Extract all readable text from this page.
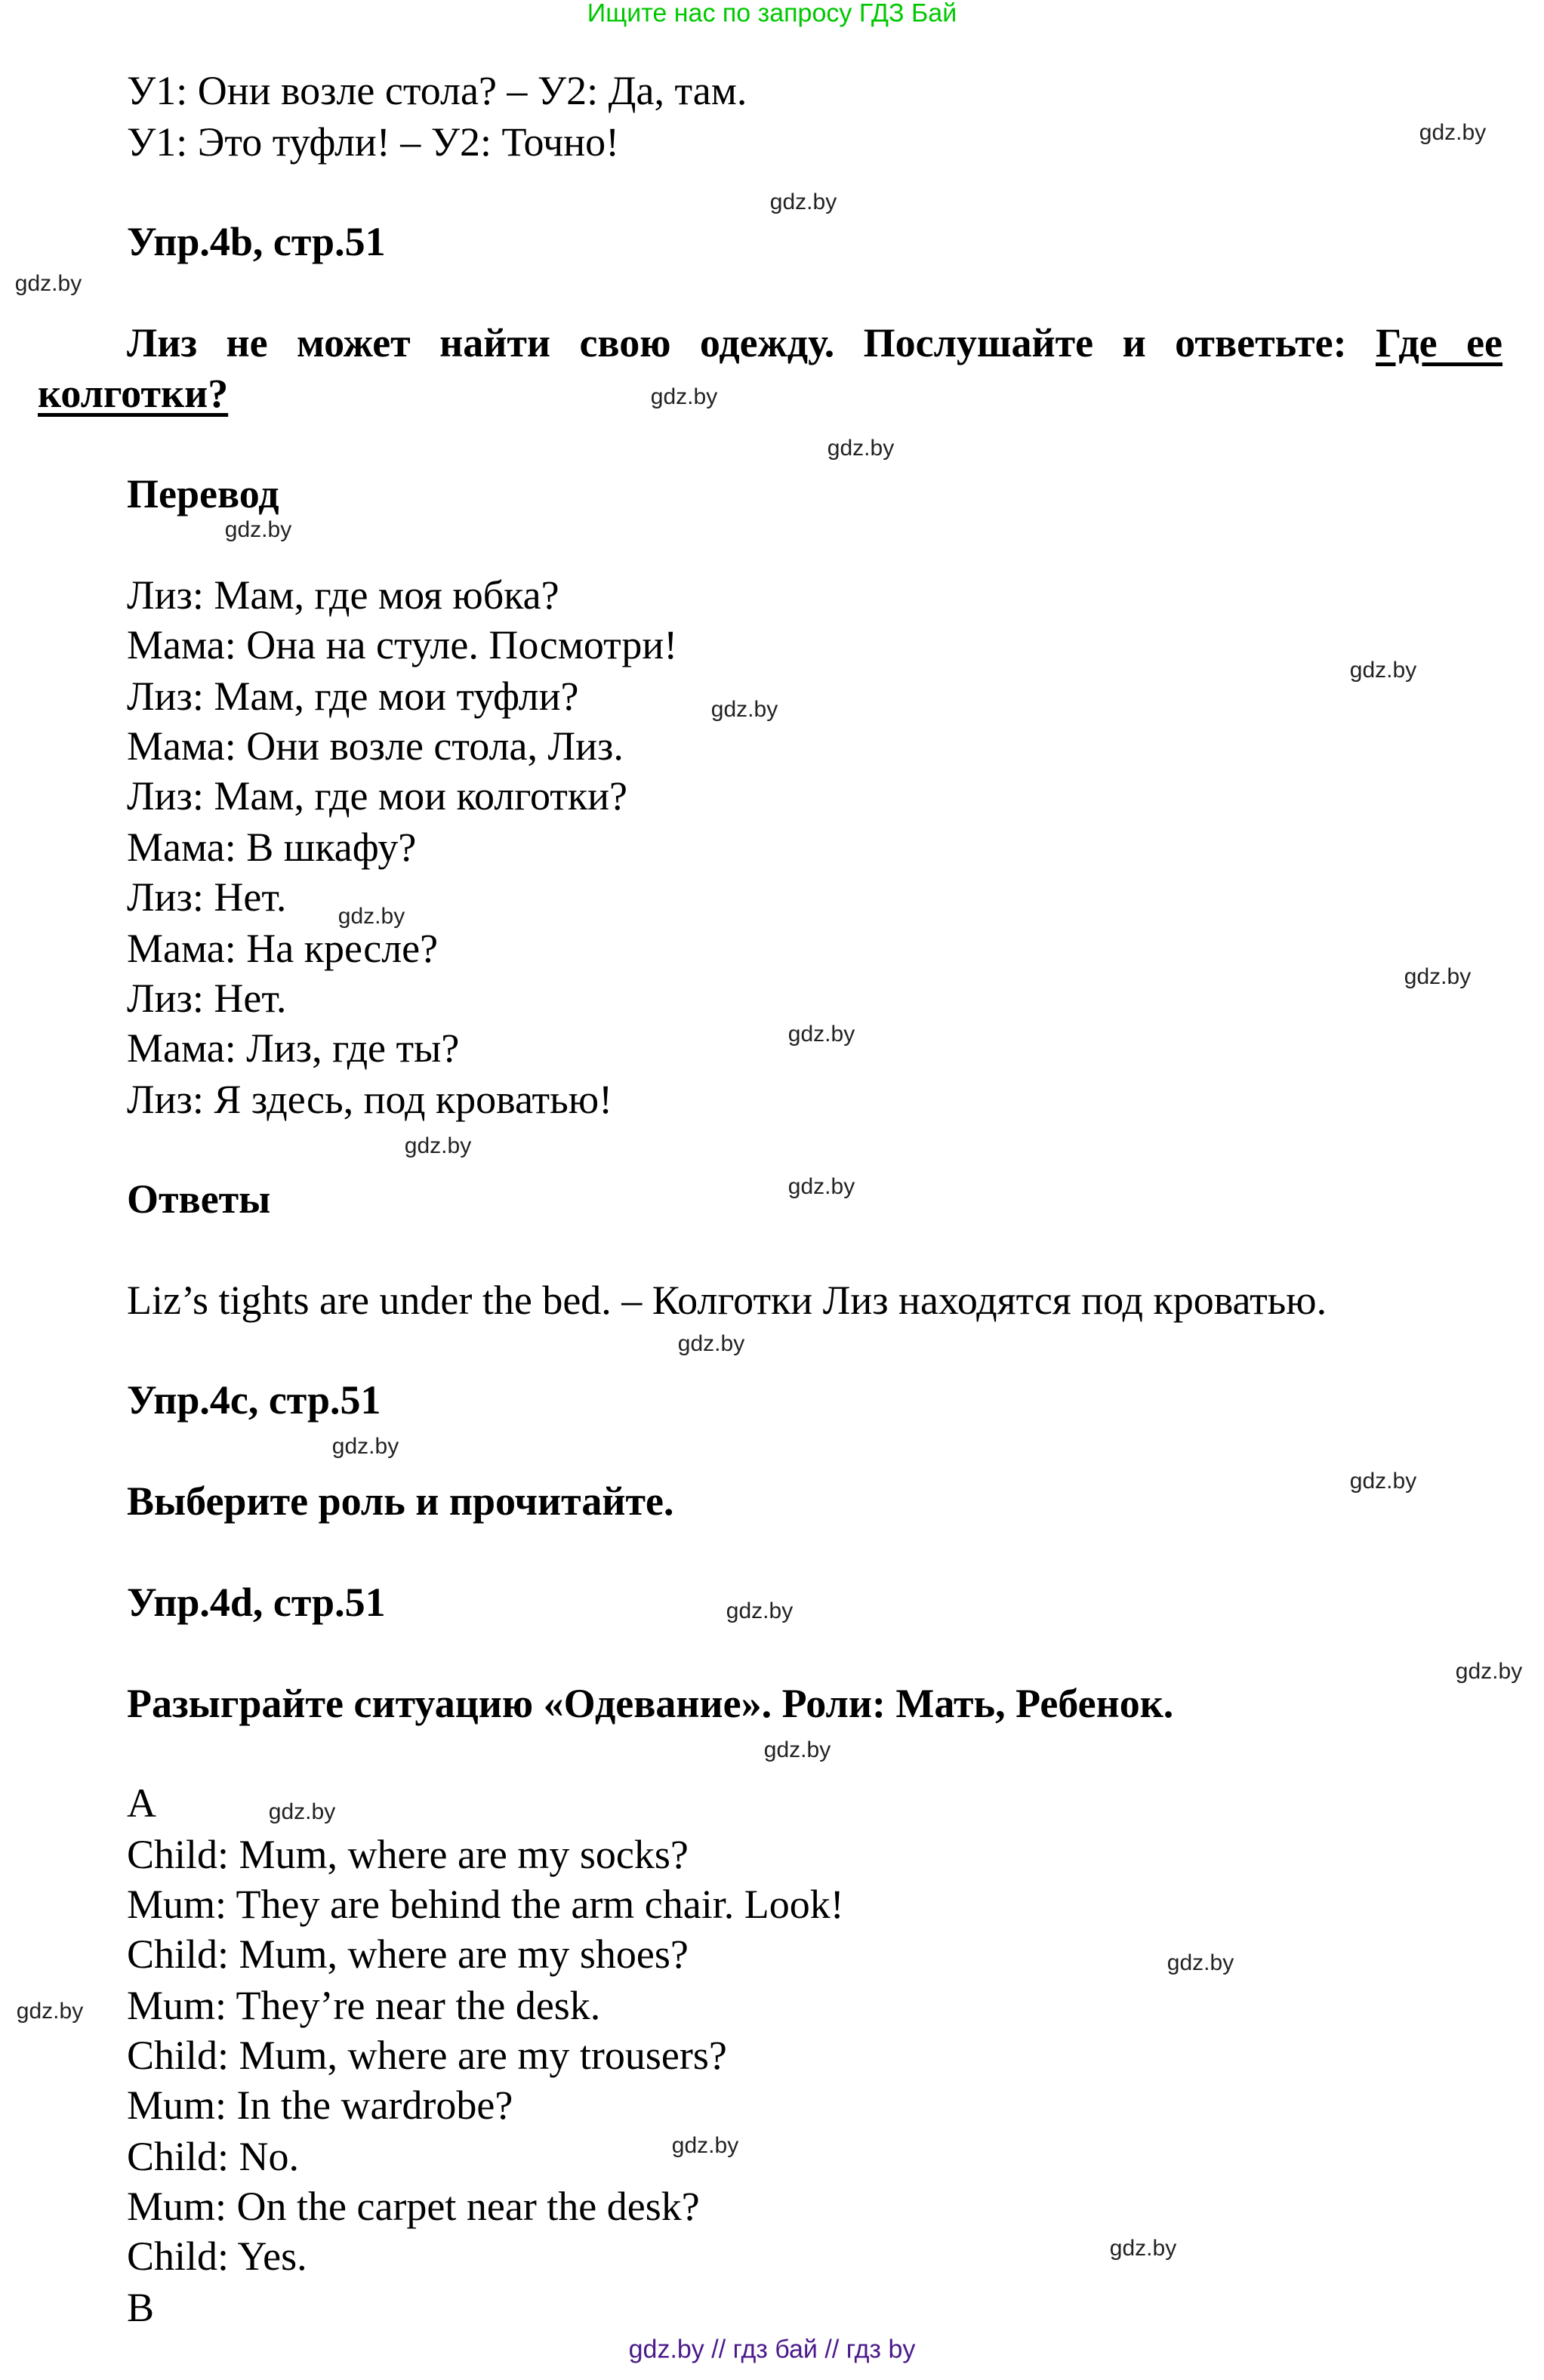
Ищите нас по запросу ГДЗ Бай
У1: Они возле стола? – У2: Да, там.
У1: Это туфли! – У2: Точно!
Упр.4b, стр.51
Лиз не может найти свою одежду. Послушайте и ответьте: Где ее колготки?
Перевод
Лиз: Мам, где моя юбка?
Мама: Она на стуле. Посмотри!
Лиз: Мам, где мои туфли?
Мама: Они возле стола, Лиз.
Лиз: Мам, где мои колготки?
Мама: В шкафу?
Лиз: Нет.
Мама: На кресле?
Лиз: Нет.
Мама: Лиз, где ты?
Лиз: Я здесь, под кроватью!
Ответы
Liz’s tights are under the bed. – Колготки Лиз находятся под кроватью.
Упр.4c, стр.51
Выберите роль и прочитайте.
Упр.4d, стр.51
Разыграйте ситуацию «Одевание». Роли: Мать, Ребенок.
A
Child: Mum, where are my socks?
Mum: They are behind the arm chair. Look!
Child: Mum, where are my shoes?
Mum: They’re near the desk.
Child: Mum, where are my trousers?
Mum: In the wardrobe?
Child: No.
Mum: On the carpet near the desk?
Child: Yes.
B
gdz.by
gdz.by
gdz.by
gdz.by
gdz.by
gdz.by
gdz.by
gdz.by
gdz.by
gdz.by
gdz.by
gdz.by
gdz.by
gdz.by
gdz.by
gdz.by
gdz.by
gdz.by
gdz.by
gdz.by
gdz.by
gdz.by
gdz.by
gdz.by
gdz.by // гдз бай // гдз by
